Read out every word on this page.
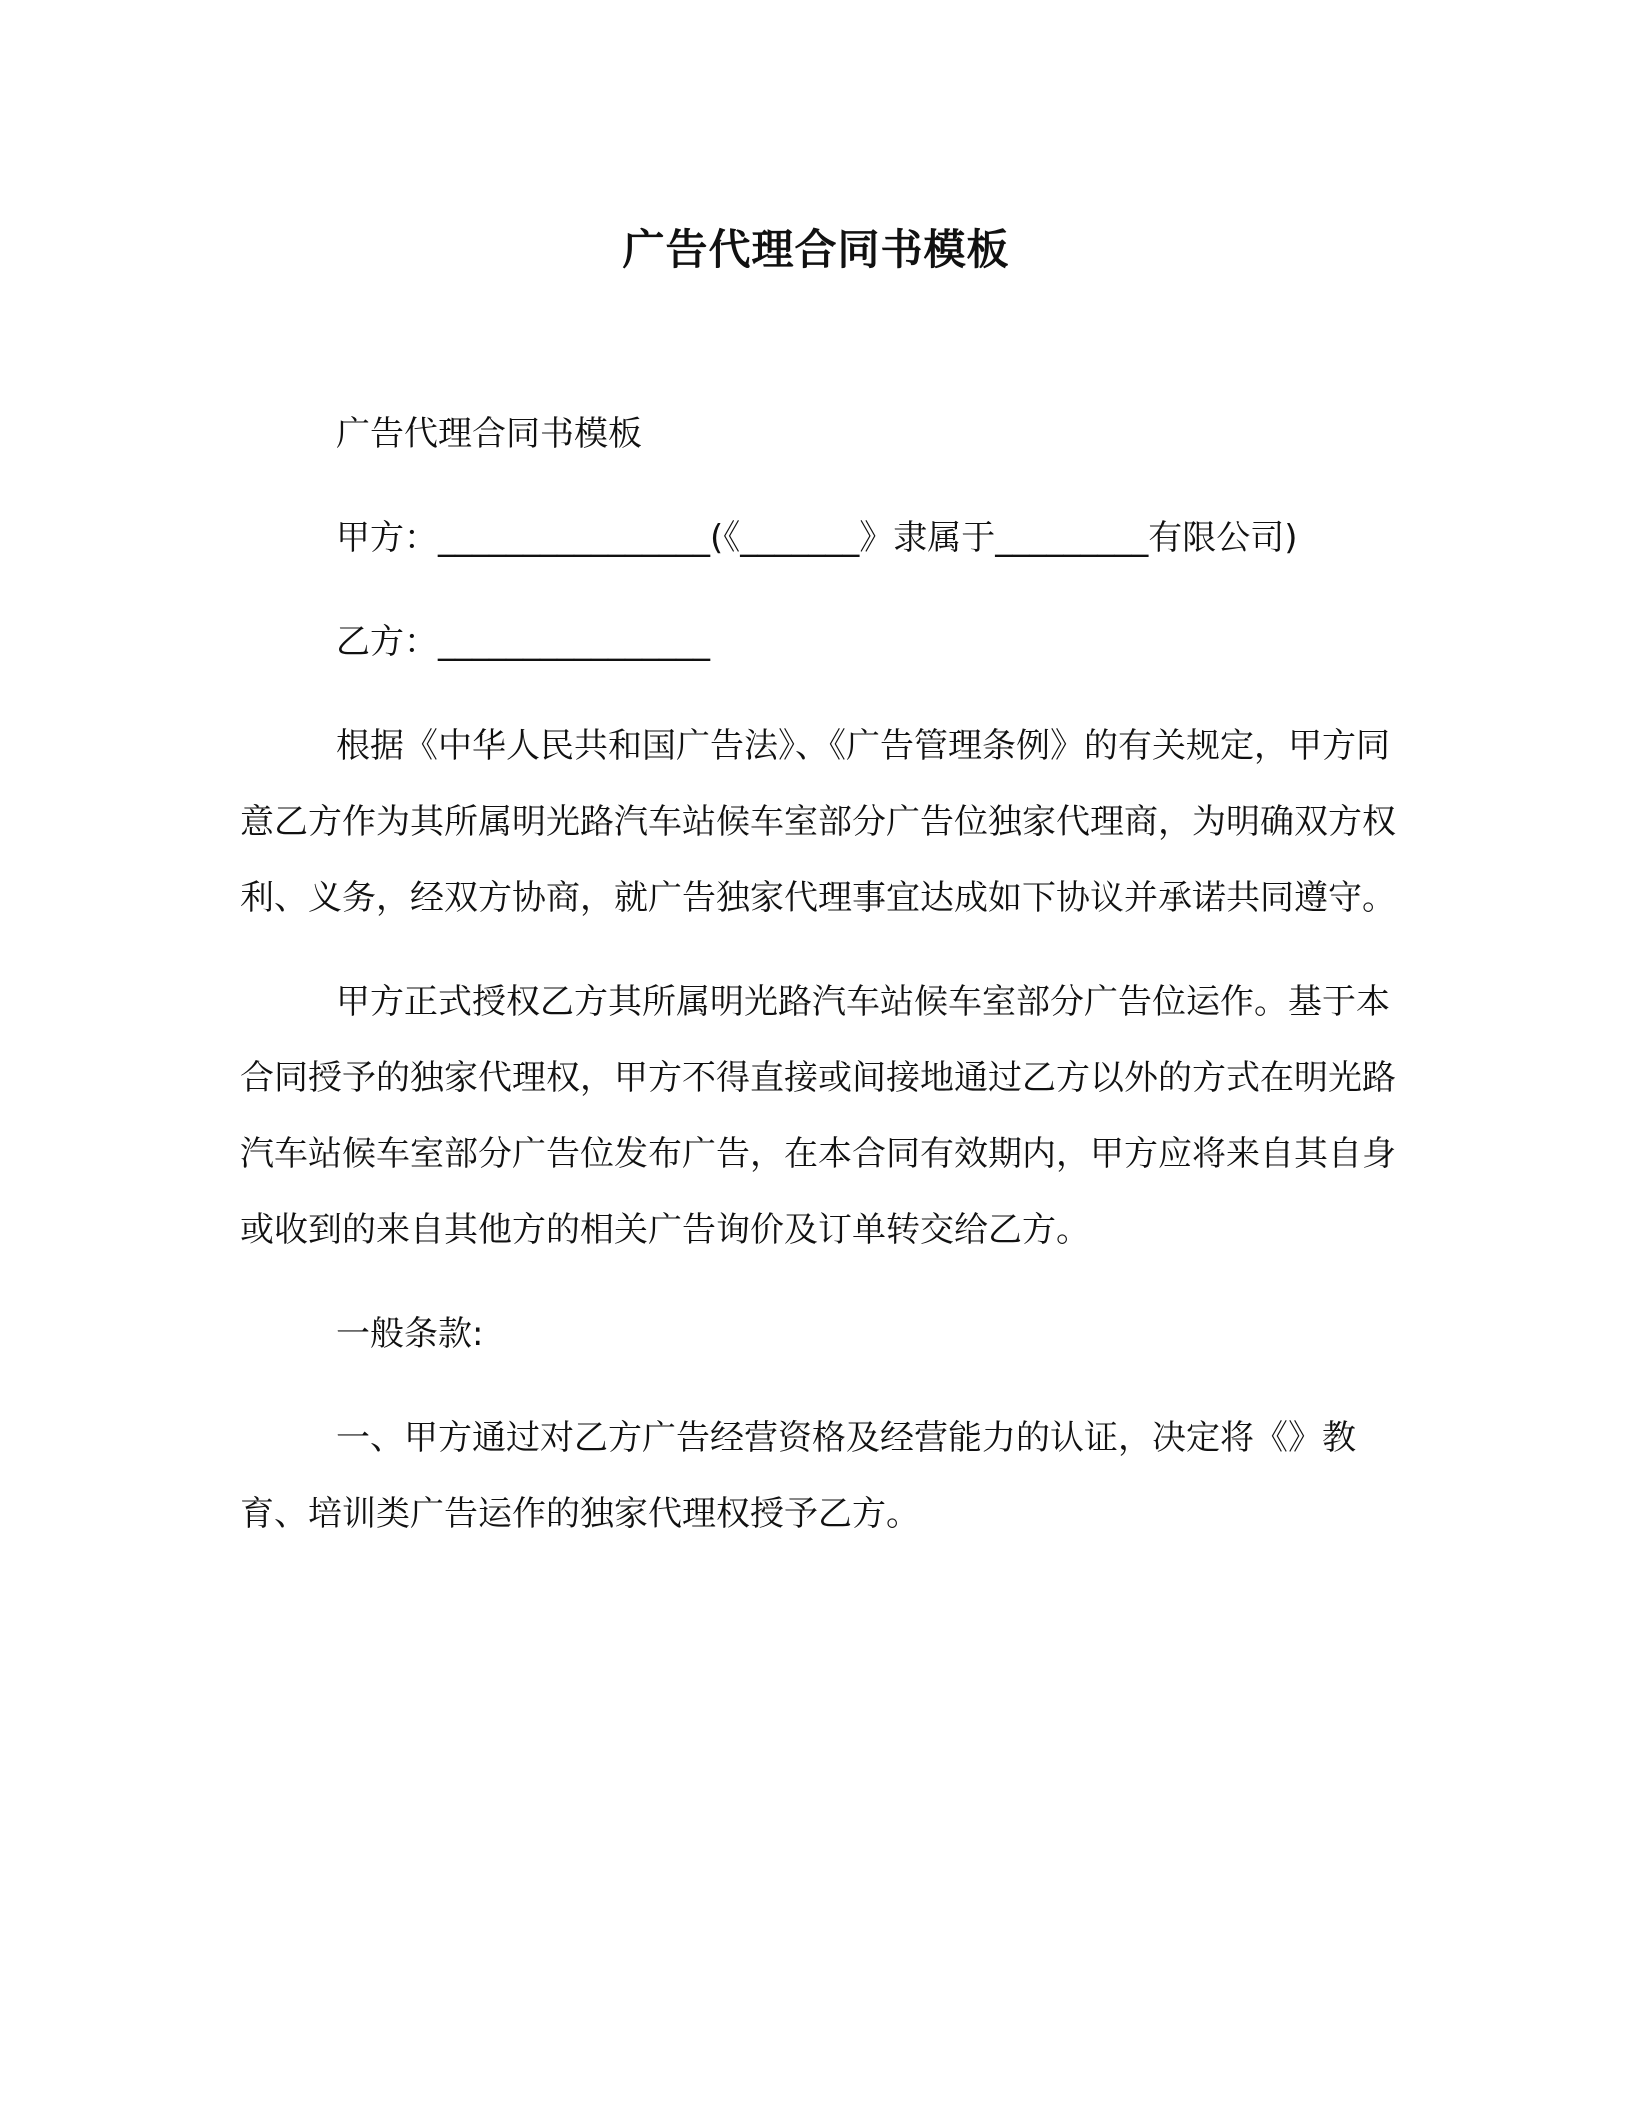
广告代理合同书模板

广告代理合同书模板

甲方：________________(《_______》隶属于_________有限公司)

乙方：________________

根据《中华人民共和国广告法》、《广告管理条例》的有关规定，甲方同意乙方作为其所属明光路汽车站候车室部分广告位独家代理商，为明确双方权利、义务，经双方协商，就广告独家代理事宜达成如下协议并承诺共同遵守。

甲方正式授权乙方其所属明光路汽车站候车室部分广告位运作。基于本合同授予的独家代理权，甲方不得直接或间接地通过乙方以外的方式在明光路汽车站候车室部分广告位发布广告，在本合同有效期内，甲方应将来自其自身或收到的来自其他方的相关广告询价及订单转交给乙方。

一般条款:

一、甲方通过对乙方广告经营资格及经营能力的认证，决定将《》教育、培训类广告运作的独家代理权授予乙方。
